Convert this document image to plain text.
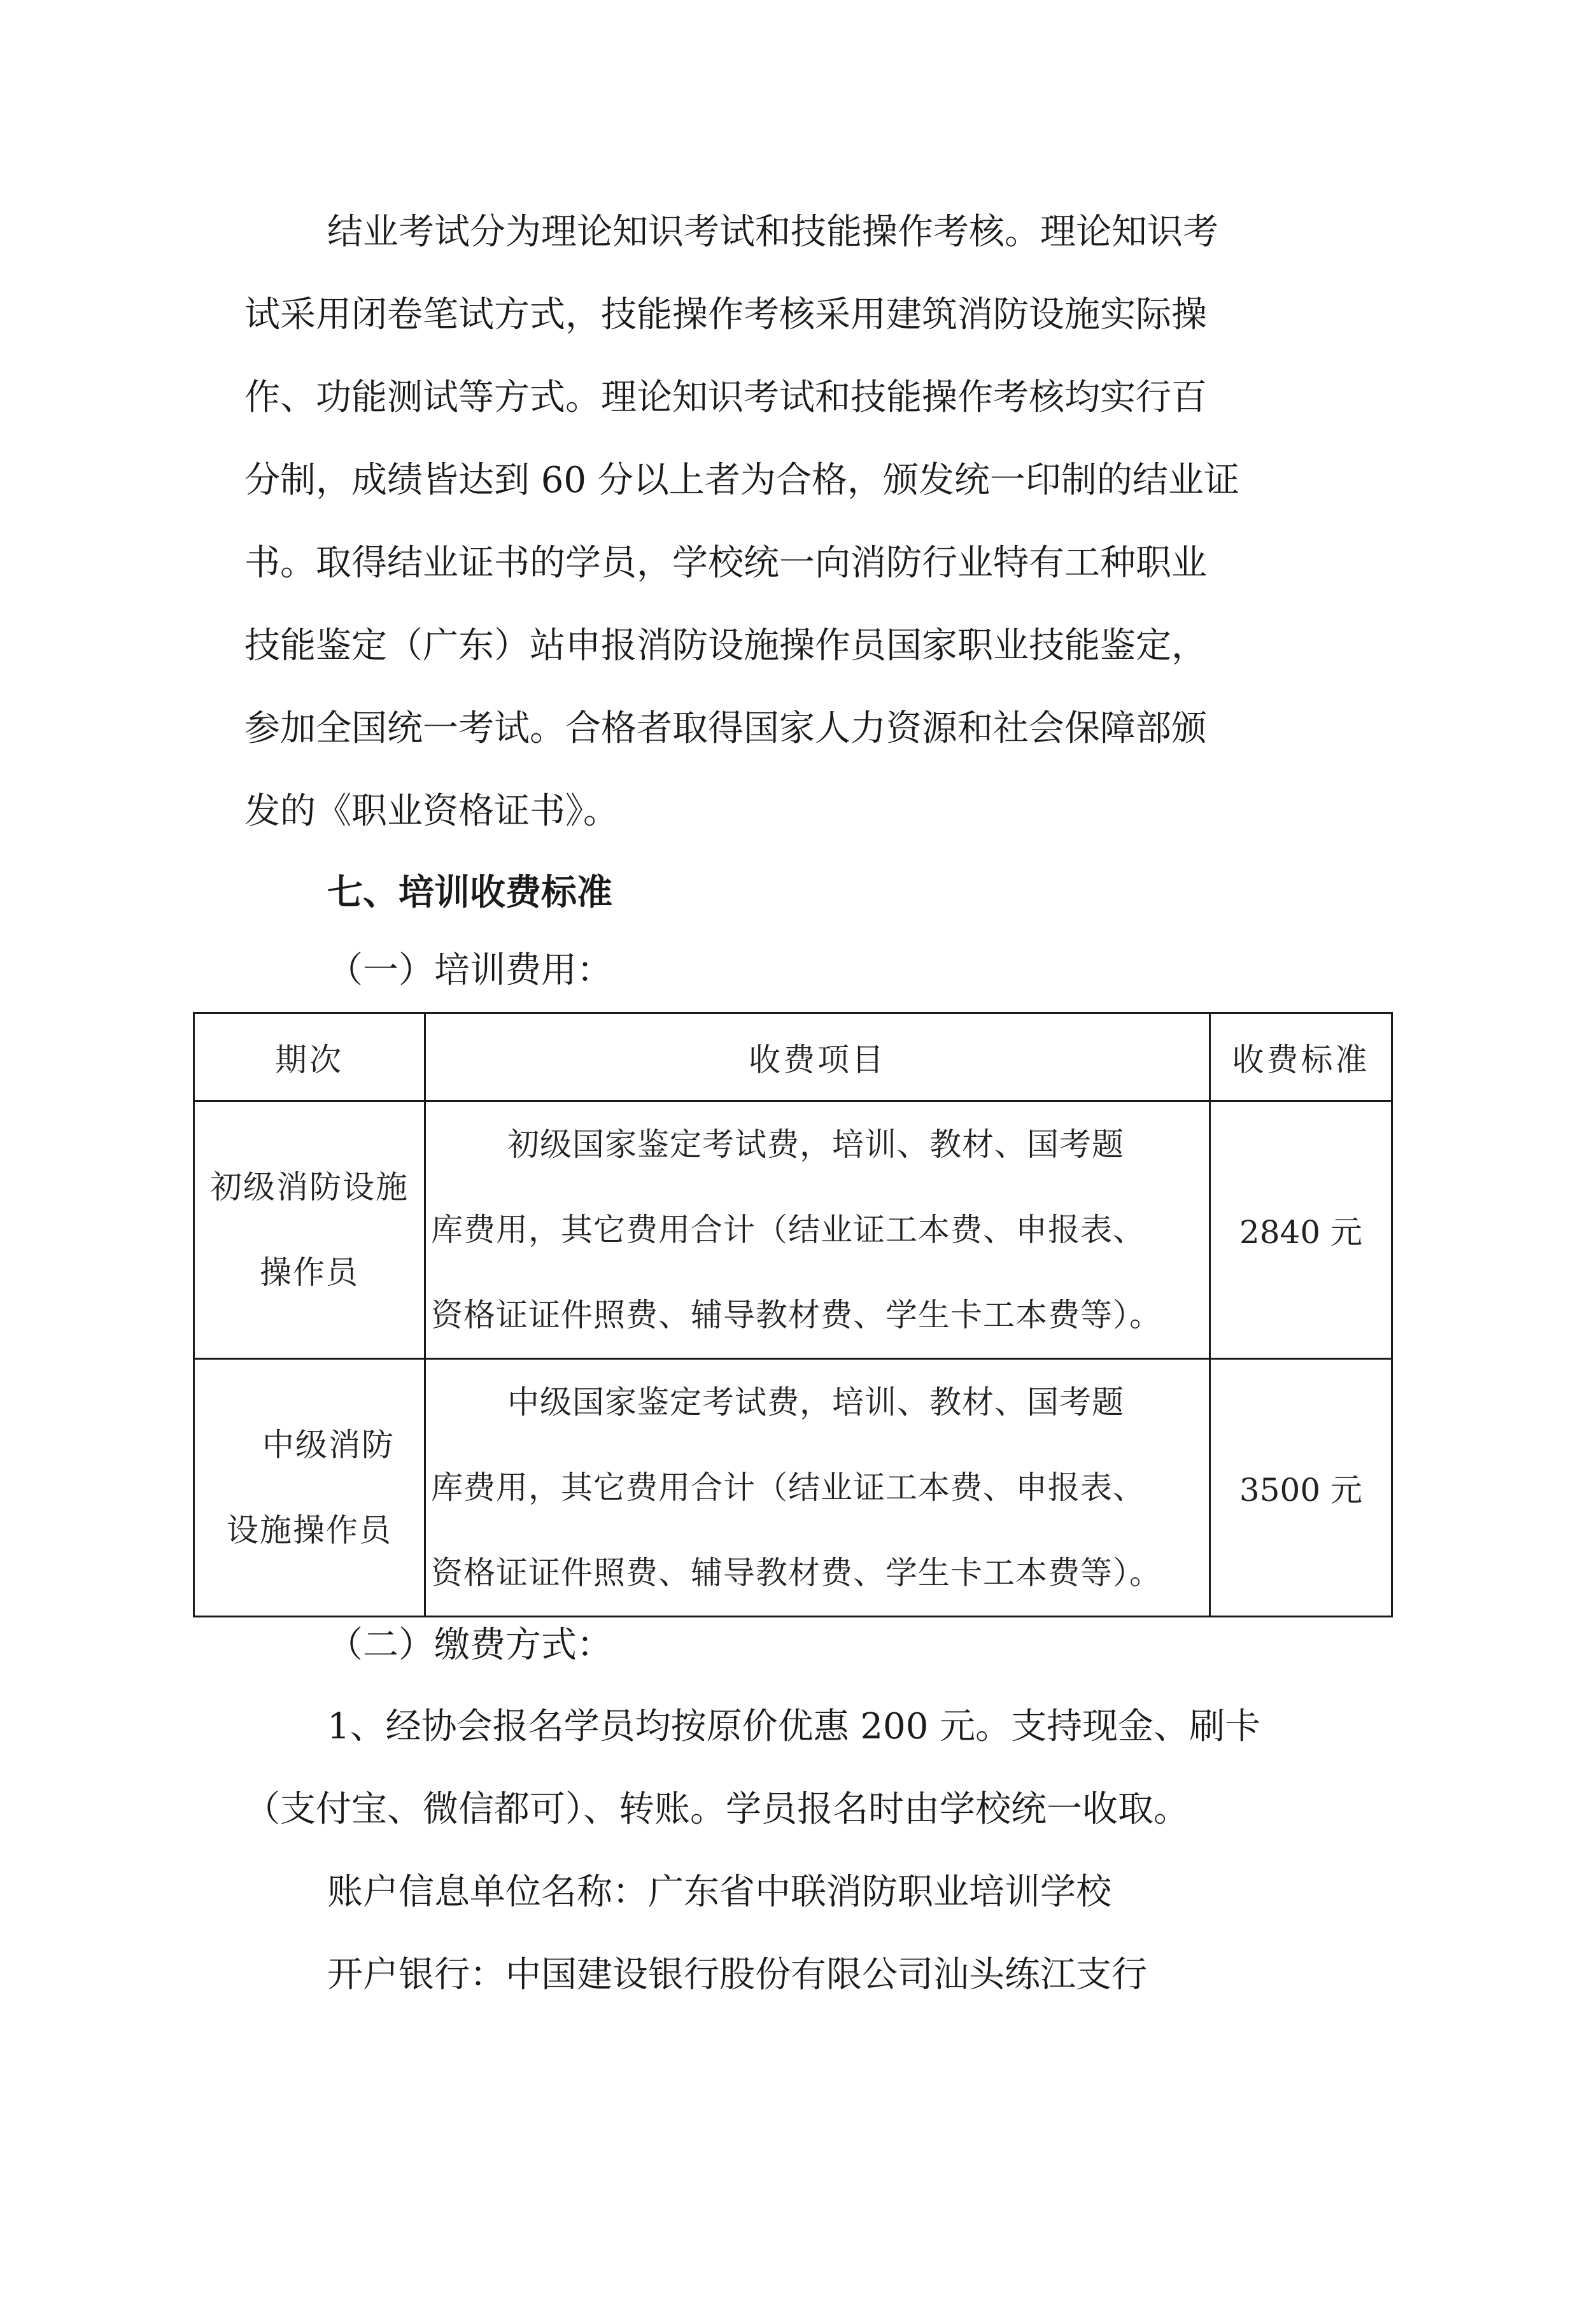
结业考试分为理论知识考试和技能操作考核。理论知识考
试采用闭卷笔试方式，技能操作考核采用建筑消防设施实际操
作、功能测试等方式。理论知识考试和技能操作考核均实行百
分制，成绩皆达到 60 分以上者为合格，颁发统一印制的结业证
书。取得结业证书的学员，学校统一向消防行业特有工种职业
技能鉴定（广东）站申报消防设施操作员国家职业技能鉴定，
参加全国统一考试。合格者取得国家人力资源和社会保障部颁
发的《职业资格证书》。
七、培训收费标准
（一）培训费用：
期次	收费项目	收费标准

初级消防设施
操作员	初级国家鉴定考试费，培训、教材、国考题
库费用，其它费用合计（结业证工本费、申报表、
资格证证件照费、辅导教材费、学生卡工本费等）。	2840 元

中级消防
设施操作员	中级国家鉴定考试费，培训、教材、国考题
库费用，其它费用合计（结业证工本费、申报表、
资格证证件照费、辅导教材费、学生卡工本费等）。	3500 元
（二）缴费方式：
1、经协会报名学员均按原价优惠 200 元。支持现金、刷卡
（支付宝、微信都可）、转账。学员报名时由学校统一收取。
账户信息单位名称：广东省中联消防职业培训学校
开户银行：中国建设银行股份有限公司汕头练江支行
